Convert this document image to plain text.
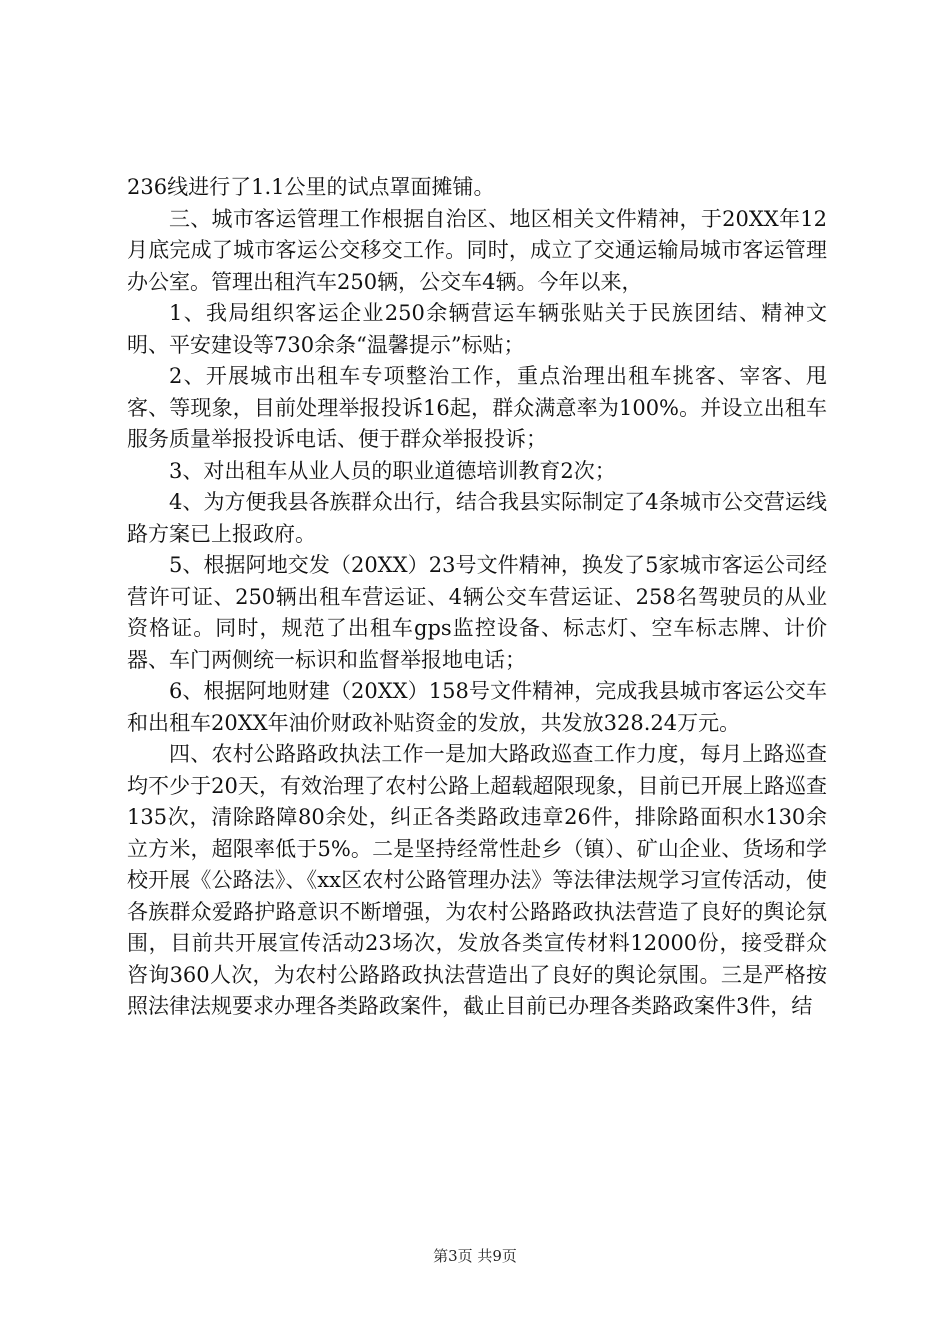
236线进行了1.1公里的试点罩面摊铺。

三、城市客运管理工作根据自治区、地区相关文件精神，于20XX年12月底完成了城市客运公交移交工作。同时，成立了交通运输局城市客运管理办公室。管理出租汽车250辆，公交车4辆。今年以来，

1、我局组织客运企业250余辆营运车辆张贴关于民族团结、精神文明、平安建设等730余条“温馨提示”标贴；

2、开展城市出租车专项整治工作，重点治理出租车挑客、宰客、甩客、等现象，目前处理举报投诉16起，群众满意率为100%。并设立出租车服务质量举报投诉电话、便于群众举报投诉；

3、对出租车从业人员的职业道德培训教育2次；

4、为方便我县各族群众出行，结合我县实际制定了4条城市公交营运线路方案已上报政府。

5、根据阿地交发（20XX）23号文件精神，换发了5家城市客运公司经营许可证、250辆出租车营运证、4辆公交车营运证、258名驾驶员的从业资格证。同时，规范了出租车gps监控设备、标志灯、空车标志牌、计价器、车门两侧统一标识和监督举报地电话；

6、根据阿地财建（20XX）158号文件精神，完成我县城市客运公交车和出租车20XX年油价财政补贴资金的发放，共发放328.24万元。

四、农村公路路政执法工作一是加大路政巡查工作力度，每月上路巡查均不少于20天，有效治理了农村公路上超载超限现象，目前已开展上路巡查135次，清除路障80余处，纠正各类路政违章26件，排除路面积水130余立方米，超限率低于5%。二是坚持经常性赴乡（镇）、矿山企业、货场和学校开展《公路法》、《xx区农村公路管理办法》等法律法规学习宣传活动，使各族群众爱路护路意识不断增强，为农村公路路政执法营造了良好的舆论氛围，目前共开展宣传活动23场次，发放各类宣传材料12000份，接受群众咨询360人次，为农村公路路政执法营造出了良好的舆论氛围。三是严格按照法律法规要求办理各类路政案件，截止目前已办理各类路政案件3件，结

第3页 共9页
